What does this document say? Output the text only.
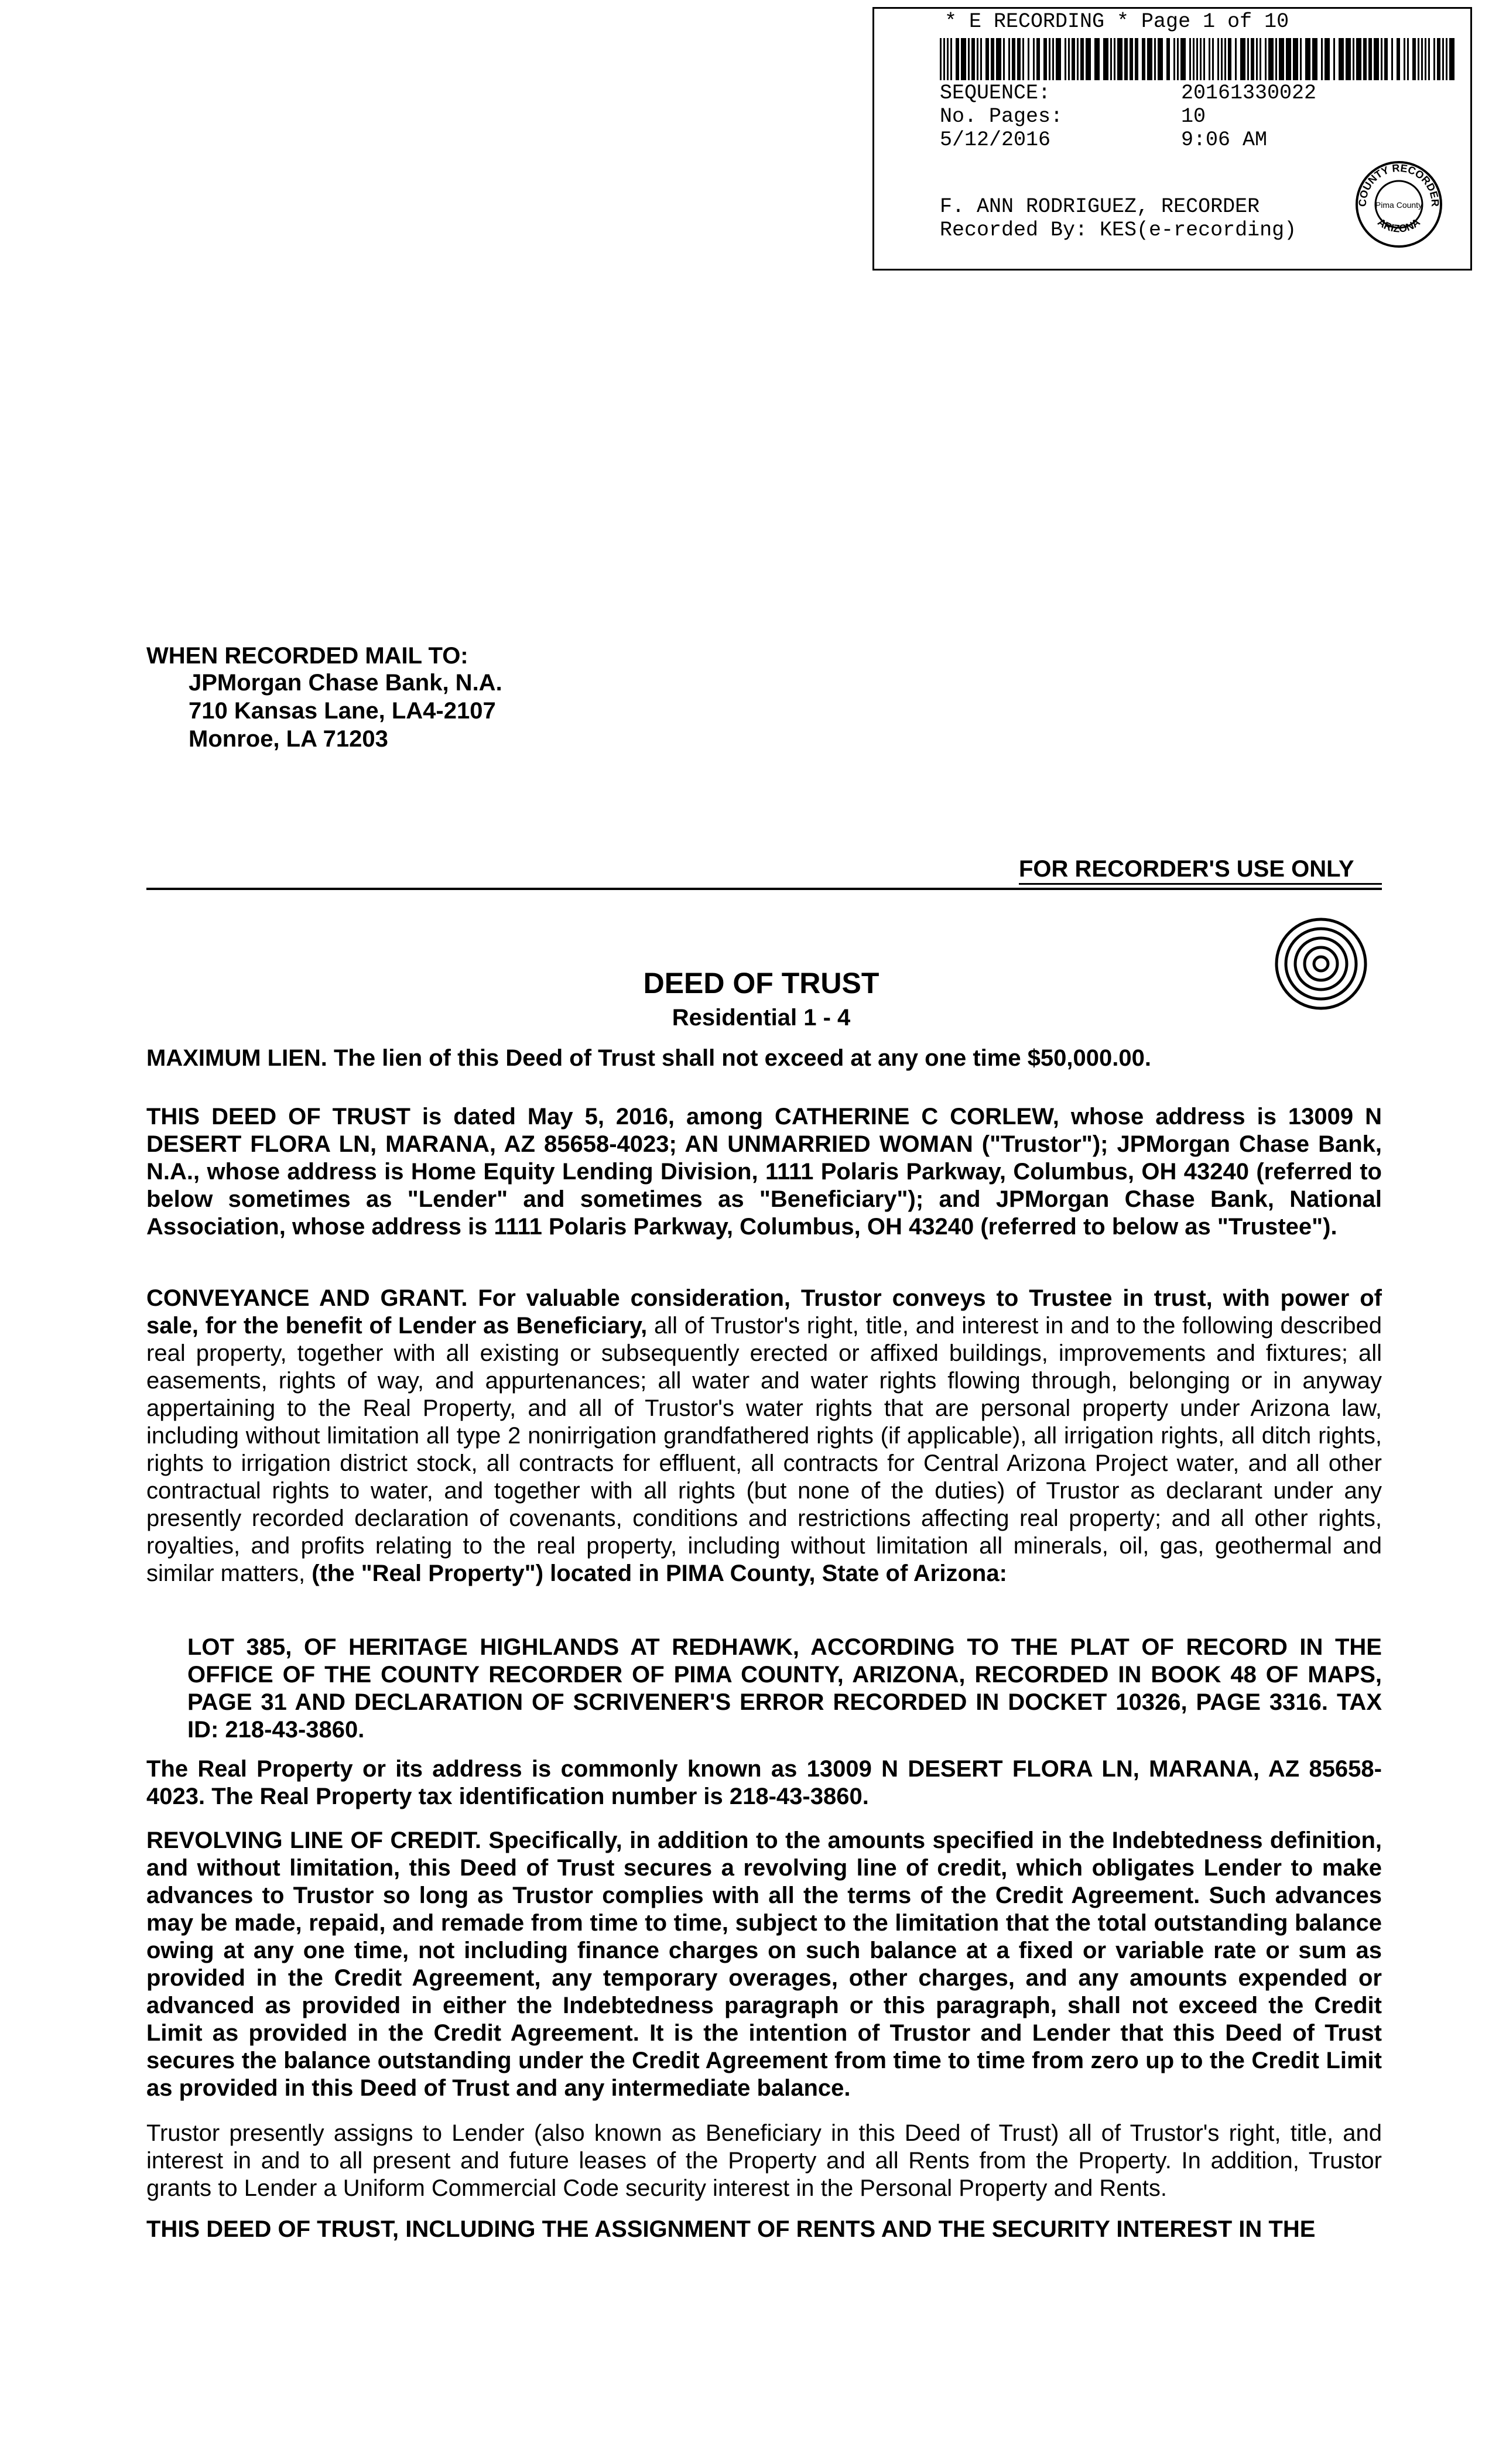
* E RECORDING * Page 1 of 10
SEQUENCE:	20161330022
No. Pages:	10
5/12/2016	9:06 AM
F. ANN RODRIGUEZ, RECORDER
Recorded By: KES(e-recording)
COUNTY RECORDER
ARIZONA
Pima County
WHEN RECORDED MAIL TO:
JPMorgan Chase Bank, N.A.
710 Kansas Lane, LA4-2107
Monroe, LA 71203
FOR RECORDER'S USE ONLY
DEED OF TRUST
Residential 1 - 4
MAXIMUM LIEN. The lien of this Deed of Trust shall not exceed at any one time $50,000.00.
THIS DEED OF TRUST is dated May 5, 2016, among CATHERINE C CORLEW, whose address is 13009 N DESERT FLORA LN, MARANA, AZ 85658-4023; AN UNMARRIED WOMAN ("Trustor"); JPMorgan Chase Bank, N.A., whose address is Home Equity Lending Division, 1111 Polaris Parkway, Columbus, OH 43240 (referred to below sometimes as "Lender" and sometimes as "Beneficiary"); and JPMorgan Chase Bank, National Association, whose address is 1111 Polaris Parkway, Columbus, OH 43240 (referred to below as "Trustee").
CONVEYANCE AND GRANT. For valuable consideration, Trustor conveys to Trustee in trust, with power of sale, for the benefit of Lender as Beneficiary, all of Trustor's right, title, and interest in and to the following described real property, together with all existing or subsequently erected or affixed buildings, improvements and fixtures; all easements, rights of way, and appurtenances; all water and water rights flowing through, belonging or in anyway appertaining to the Real Property, and all of Trustor's water rights that are personal property under Arizona law, including without limitation all type 2 nonirrigation grandfathered rights (if applicable), all irrigation rights, all ditch rights, rights to irrigation district stock, all contracts for effluent, all contracts for Central Arizona Project water, and all other contractual rights to water, and together with all rights (but none of the duties) of Trustor as declarant under any presently recorded declaration of covenants, conditions and restrictions affecting real property; and all other rights, royalties, and profits relating to the real property, including without limitation all minerals, oil, gas, geothermal and similar matters, (the "Real Property") located in PIMA County, State of Arizona:
LOT 385, OF HERITAGE HIGHLANDS AT REDHAWK, ACCORDING TO THE PLAT OF RECORD IN THE OFFICE OF THE COUNTY RECORDER OF PIMA COUNTY, ARIZONA, RECORDED IN BOOK 48 OF MAPS, PAGE 31 AND DECLARATION OF SCRIVENER'S ERROR RECORDED IN DOCKET 10326, PAGE 3316. TAX ID: 218-43-3860.
The Real Property or its address is commonly known as 13009 N DESERT FLORA LN, MARANA, AZ 85658-4023. The Real Property tax identification number is 218-43-3860.
REVOLVING LINE OF CREDIT. Specifically, in addition to the amounts specified in the Indebtedness definition, and without limitation, this Deed of Trust secures a revolving line of credit, which obligates Lender to make advances to Trustor so long as Trustor complies with all the terms of the Credit Agreement. Such advances may be made, repaid, and remade from time to time, subject to the limitation that the total outstanding balance owing at any one time, not including finance charges on such balance at a fixed or variable rate or sum as provided in the Credit Agreement, any temporary overages, other charges, and any amounts expended or advanced as provided in either the Indebtedness paragraph or this paragraph, shall not exceed the Credit Limit as provided in the Credit Agreement. It is the intention of Trustor and Lender that this Deed of Trust secures the balance outstanding under the Credit Agreement from time to time from zero up to the Credit Limit as provided in this Deed of Trust and any intermediate balance.
Trustor presently assigns to Lender (also known as Beneficiary in this Deed of Trust) all of Trustor's right, title, and interest in and to all present and future leases of the Property and all Rents from the Property. In addition, Trustor grants to Lender a Uniform Commercial Code security interest in the Personal Property and Rents.
THIS DEED OF TRUST, INCLUDING THE ASSIGNMENT OF RENTS AND THE SECURITY INTEREST IN THE
